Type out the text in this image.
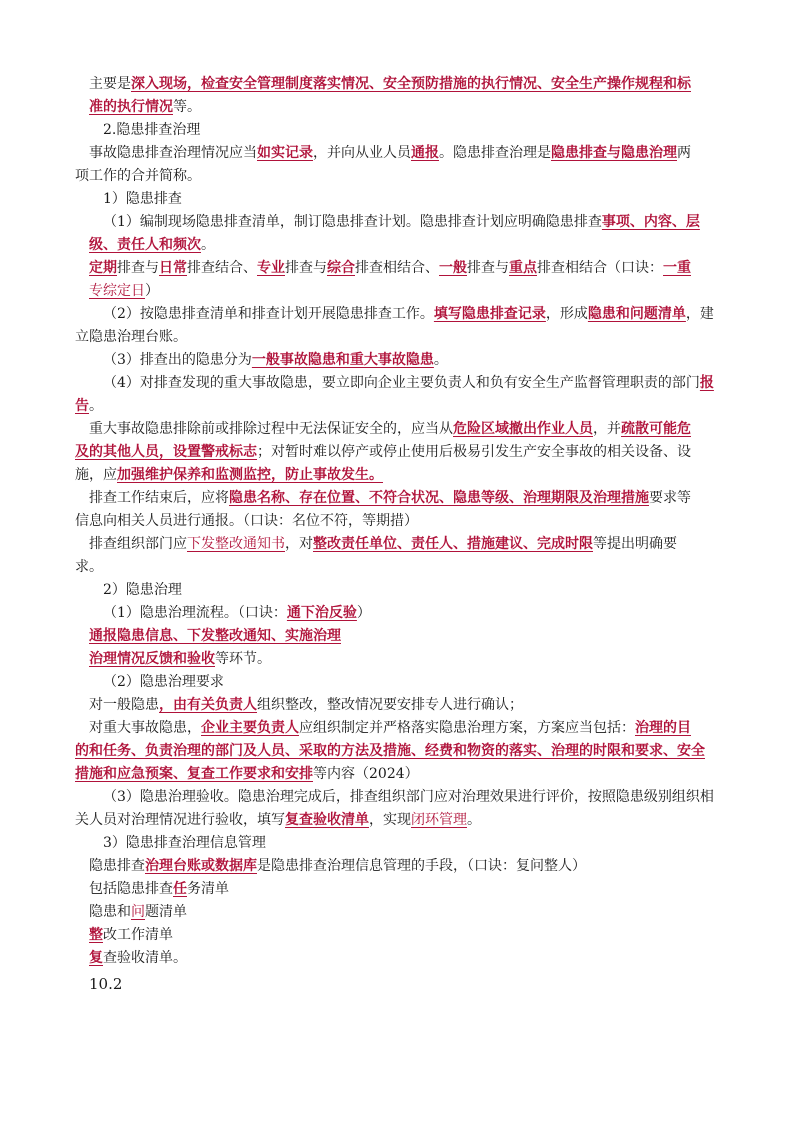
主要是深入现场，检查安全管理制度落实情况、安全预防措施的执行情况、安全生产操作规程和标
准的执行情况等。
2.隐患排查治理
事故隐患排查治理情况应当如实记录，并向从业人员通报。隐患排查治理是隐患排查与隐患治理两
项工作的合并简称。
1）隐患排查
（1）编制现场隐患排查清单，制订隐患排查计划。隐患排查计划应明确隐患排查事项、内容、层
级、责任人和频次。
定期排查与日常排查结合、专业排查与综合排查相结合、一般排查与重点排查相结合（口诀：一重
专综定日）
（2）按隐患排查清单和排查计划开展隐患排查工作。填写隐患排查记录，形成隐患和问题清单，建
立隐患治理台账。
（3）排查出的隐患分为一般事故隐患和重大事故隐患。
（4）对排查发现的重大事故隐患，要立即向企业主要负责人和负有安全生产监督管理职责的部门报
告。
重大事故隐患排除前或排除过程中无法保证安全的，应当从危险区域撤出作业人员，并疏散可能危
及的其他人员，设置警戒标志；对暂时难以停产或停止使用后极易引发生产安全事故的相关设备、设
施，应加强维护保养和监测监控，防止事故发生。
排查工作结束后，应将隐患名称、存在位置、不符合状况、隐患等级、治理期限及治理措施要求等
信息向相关人员进行通报。（口诀：名位不符，等期措）
排查组织部门应下发整改通知书，对整改责任单位、责任人、措施建议、完成时限等提出明确要
求。
2）隐患治理
（1）隐患治理流程。（口诀：通下治反验）
通报隐患信息、下发整改通知、实施治理
治理情况反馈和验收等环节。
（2）隐患治理要求
对一般隐患，由有关负责人组织整改，整改情况要安排专人进行确认；
对重大事故隐患，企业主要负责人应组织制定并严格落实隐患治理方案，方案应当包括：治理的目
的和任务、负责治理的部门及人员、采取的方法及措施、经费和物资的落实、治理的时限和要求、安全
措施和应急预案、复查工作要求和安排等内容（2024）
（3）隐患治理验收。隐患治理完成后，排查组织部门应对治理效果进行评价，按照隐患级别组织相
关人员对治理情况进行验收，填写复查验收清单，实现闭环管理。
3）隐患排查治理信息管理
隐患排查治理台账或数据库是隐患排查治理信息管理的手段，（口诀：复问整人）
包括隐患排查任务清单
隐患和问题清单
整改工作清单
复查验收清单。
10.2
